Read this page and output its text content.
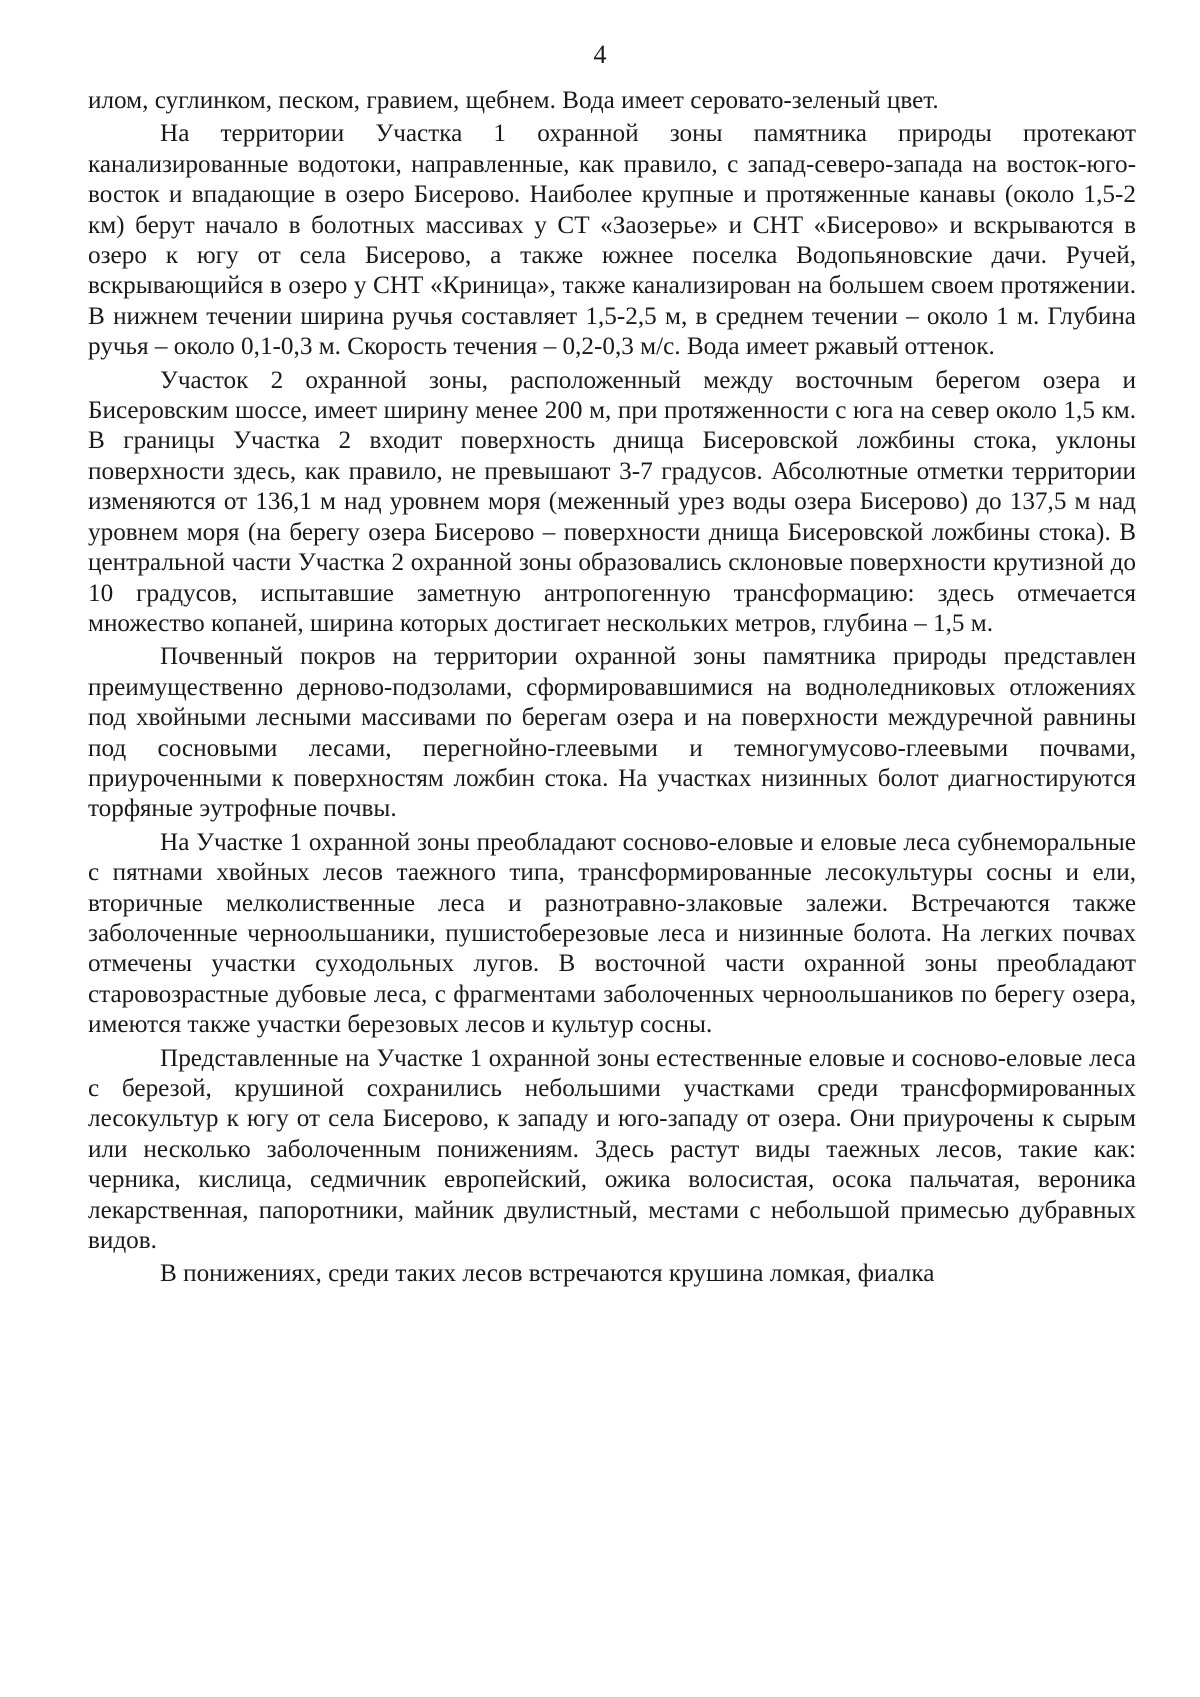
4

илом, суглинком, песком, гравием, щебнем. Вода имеет серовато-зеленый цвет.

На территории Участка 1 охранной зоны памятника природы протекают канализированные водотоки, направленные, как правило, с запад-северо-запада на восток-юго-восток и впадающие в озеро Бисерово. Наиболее крупные и протяженные канавы (около 1,5-2 км) берут начало в болотных массивах у СТ «Заозерье» и СНТ «Бисерово» и вскрываются в озеро к югу от села Бисерово, а также южнее поселка Водопьяновские дачи. Ручей, вскрывающийся в озеро у СНТ «Криница», также канализирован на большем своем протяжении. В нижнем течении ширина ручья составляет 1,5-2,5 м, в среднем течении – около 1 м. Глубина ручья – около 0,1-0,3 м. Скорость течения – 0,2-0,3 м/с. Вода имеет ржавый оттенок.

Участок 2 охранной зоны, расположенный между восточным берегом озера и Бисеровским шоссе, имеет ширину менее 200 м, при протяженности с юга на север около 1,5 км. В границы Участка 2 входит поверхность днища Бисеровской ложбины стока, уклоны поверхности здесь, как правило, не превышают 3-7 градусов. Абсолютные отметки территории изменяются от 136,1 м над уровнем моря (меженный урез воды озера Бисерово) до 137,5 м над уровнем моря (на берегу озера Бисерово – поверхности днища Бисеровской ложбины стока). В центральной части Участка 2 охранной зоны образовались склоновые поверхности крутизной до 10 градусов, испытавшие заметную антропогенную трансформацию: здесь отмечается множество копаней, ширина которых достигает нескольких метров, глубина – 1,5 м.

Почвенный покров на территории охранной зоны памятника природы представлен преимущественно дерново-подзолами, сформировавшимися на водноледниковых отложениях под хвойными лесными массивами по берегам озера и на поверхности междуречной равнины под сосновыми лесами, перегнойно-глеевыми и темногумусово-глеевыми почвами, приуроченными к поверхностям ложбин стока. На участках низинных болот диагностируются торфяные эутрофные почвы.

На Участке 1 охранной зоны преобладают сосново-еловые и еловые леса субнеморальные с пятнами хвойных лесов таежного типа, трансформированные лесокультуры сосны и ели, вторичные мелколиственные леса и разнотравно-злаковые залежи. Встречаются также заболоченные черноольшаники, пушистоберезовые леса и низинные болота. На легких почвах отмечены участки суходольных лугов. В восточной части охранной зоны преобладают старовозрастные дубовые леса, с фрагментами заболоченных черноольшаников по берегу озера, имеются также участки березовых лесов и культур сосны.

Представленные на Участке 1 охранной зоны естественные еловые и сосново-еловые леса с березой, крушиной сохранились небольшими участками среди трансформированных лесокультур к югу от села Бисерово, к западу и юго-западу от озера. Они приурочены к сырым или несколько заболоченным понижениям. Здесь растут виды таежных лесов, такие как: черника, кислица, седмичник европейский, ожика волосистая, осока пальчатая, вероника лекарственная, папоротники, майник двулистный, местами с небольшой примесью дубравных видов.

В понижениях, среди таких лесов встречаются крушина ломкая, фиалка
